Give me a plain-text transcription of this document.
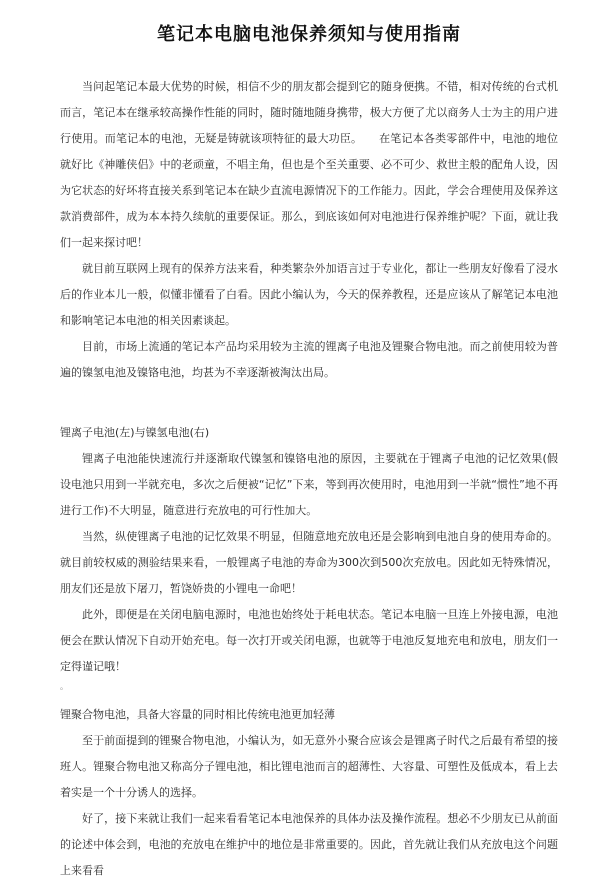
笔记本电脑电池保养须知与使用指南

当问起笔记本最大优势的时候，相信不少的朋友都会提到它的随身便携。不错，相对传统的台式机而言，笔记本在继承较高操作性能的同时，随时随地随身携带，极大方便了尤以商务人士为主的用户进行使用。而笔记本的电池，无疑是铸就该项特征的最大功臣。　　在笔记本各类零部件中，电池的地位就好比《神雕侠侣》中的老顽童，不唱主角，但也是个至关重要、必不可少、救世主般的配角人设，因为它状态的好坏将直接关系到笔记本在缺少直流电源情况下的工作能力。因此，学会合理使用及保养这款消费部件，成为本本持久续航的重要保证。那么，到底该如何对电池进行保养维护呢？下面，就让我们一起来探讨吧！

就目前互联网上现有的保养方法来看，种类繁杂外加语言过于专业化，都让一些朋友好像看了浸水后的作业本儿一般，似懂非懂看了白看。因此小编认为，今天的保养教程，还是应该从了解笔记本电池和影响笔记本电池的相关因素谈起。

目前，市场上流通的笔记本产品均采用较为主流的锂离子电池及锂聚合物电池。而之前使用较为普遍的镍氢电池及镍铬电池，均甚为不幸逐渐被淘汰出局。

锂离子电池(左)与镍氢电池(右)

锂离子电池能快速流行并逐渐取代镍氢和镍铬电池的原因，主要就在于锂离子电池的记忆效果(假设电池只用到一半就充电，多次之后便被“记忆”下来，等到再次使用时，电池用到一半就“惯性”地不再进行工作)不大明显，随意进行充放电的可行性加大。

当然，纵使锂离子电池的记忆效果不明显，但随意地充放电还是会影响到电池自身的使用寿命的。就目前较权威的测验结果来看，一般锂离子电池的寿命为300次到500次充放电。因此如无特殊情况，朋友们还是放下屠刀，暂饶娇贵的小锂电一命吧！

此外，即便是在关闭电脑电源时，电池也始终处于耗电状态。笔记本电脑一旦连上外接电源，电池便会在默认情况下自动开始充电。每一次打开或关闭电源，也就等于电池反复地充电和放电，朋友们一定得谨记哦！

。

锂聚合物电池，具备大容量的同时相比传统电池更加轻薄

至于前面提到的锂聚合物电池，小编认为，如无意外小聚合应该会是锂离子时代之后最有希望的接班人。锂聚合物电池又称高分子锂电池，相比锂电池而言的超薄性、大容量、可塑性及低成本，看上去着实是一个十分诱人的选择。

好了，接下来就让我们一起来看看笔记本电池保养的具体办法及操作流程。想必不少朋友已从前面的论述中体会到，电池的充放电在维护中的地位是非常重要的。因此，首先就让我们从充放电这个问题上来看看
